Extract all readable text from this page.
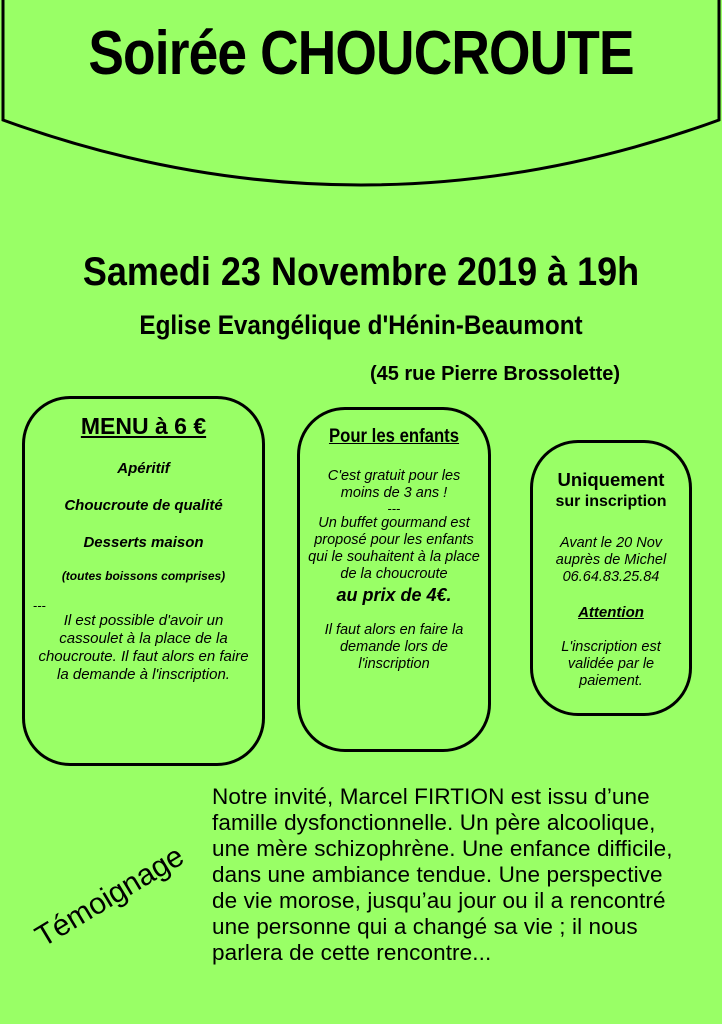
Soirée CHOUCROUTE
Samedi 23 Novembre 2019 à 19h
Eglise Evangélique d'Hénin-Beaumont
(45 rue Pierre Brossolette)
MENU à 6 €
Apéritif
Choucroute de qualité
Desserts maison
(toutes boissons comprises)
---
Il est possible d'avoir un cassoulet à la place de la choucroute. Il faut alors en faire la demande à l'inscription.
Pour les enfants
C'est gratuit pour les moins de 3 ans !
---
Un buffet gourmand est proposé pour les enfants qui le souhaitent à la place de la choucroute
au prix de 4€.
Il faut alors en faire la demande lors de l'inscription
Uniquement
sur inscription
Avant le 20 Nov
auprès de Michel
06.64.83.25.84
Attention
L'inscription est validée par le paiement.
Témoignage
Notre invité, Marcel FIRTION est issu d’une famille dysfonctionnelle. Un père alcoolique, une mère schizophrène. Une enfance difficile, dans une ambiance tendue. Une perspective de vie morose, jusqu’au jour ou il a rencontré une personne qui a changé sa vie ; il nous parlera de cette rencontre...
